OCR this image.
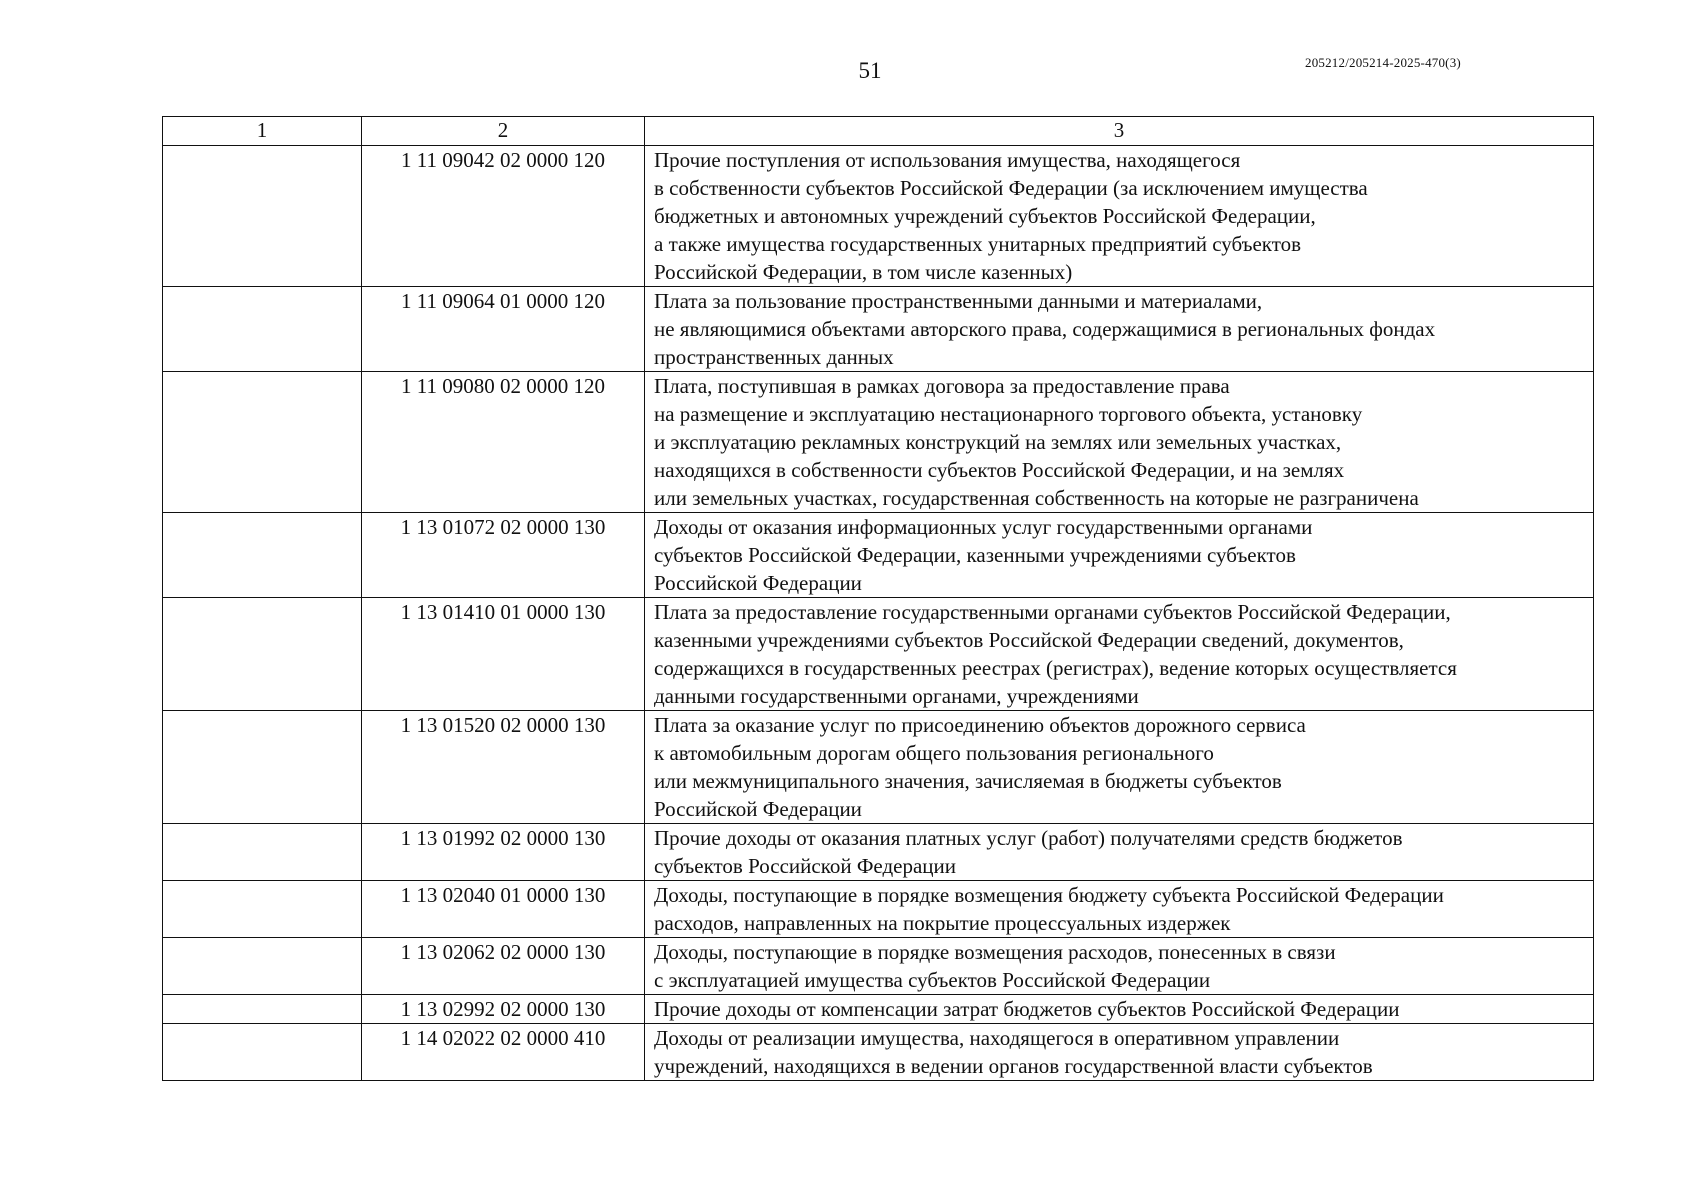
51	205212/205214-2025-470(3)
1	2	3
	1 11 09042 02 0000 120	Прочие поступления от использования имущества, находящегося
в собственности субъектов Российской Федерации (за исключением имущества
бюджетных и автономных учреждений субъектов Российской Федерации,
а также имущества государственных унитарных предприятий субъектов
Российской Федерации, в том числе казенных)
	1 11 09064 01 0000 120	Плата за пользование пространственными данными и материалами,
не являющимися объектами авторского права, содержащимися в региональных фондах
пространственных данных
	1 11 09080 02 0000 120	Плата, поступившая в рамках договора за предоставление права
на размещение и эксплуатацию нестационарного торгового объекта, установку
и эксплуатацию рекламных конструкций на землях или земельных участках,
находящихся в собственности субъектов Российской Федерации, и на землях
или земельных участках, государственная собственность на которые не разграничена
	1 13 01072 02 0000 130	Доходы от оказания информационных услуг государственными органами
субъектов Российской Федерации, казенными учреждениями субъектов
Российской Федерации
	1 13 01410 01 0000 130	Плата за предоставление государственными органами субъектов Российской Федерации,
казенными учреждениями субъектов Российской Федерации сведений, документов,
содержащихся в государственных реестрах (регистрах), ведение которых осуществляется
данными государственными органами, учреждениями
	1 13 01520 02 0000 130	Плата за оказание услуг по присоединению объектов дорожного сервиса
к автомобильным дорогам общего пользования регионального
или межмуниципального значения, зачисляемая в бюджеты субъектов
Российской Федерации
	1 13 01992 02 0000 130	Прочие доходы от оказания платных услуг (работ) получателями средств бюджетов
субъектов Российской Федерации
	1 13 02040 01 0000 130	Доходы, поступающие в порядке возмещения бюджету субъекта Российской Федерации
расходов, направленных на покрытие процессуальных издержек
	1 13 02062 02 0000 130	Доходы, поступающие в порядке возмещения расходов, понесенных в связи
с эксплуатацией имущества субъектов Российской Федерации
	1 13 02992 02 0000 130	Прочие доходы от компенсации затрат бюджетов субъектов Российской Федерации
	1 14 02022 02 0000 410	Доходы от реализации имущества, находящегося в оперативном управлении
учреждений, находящихся в ведении органов государственной власти субъектов
